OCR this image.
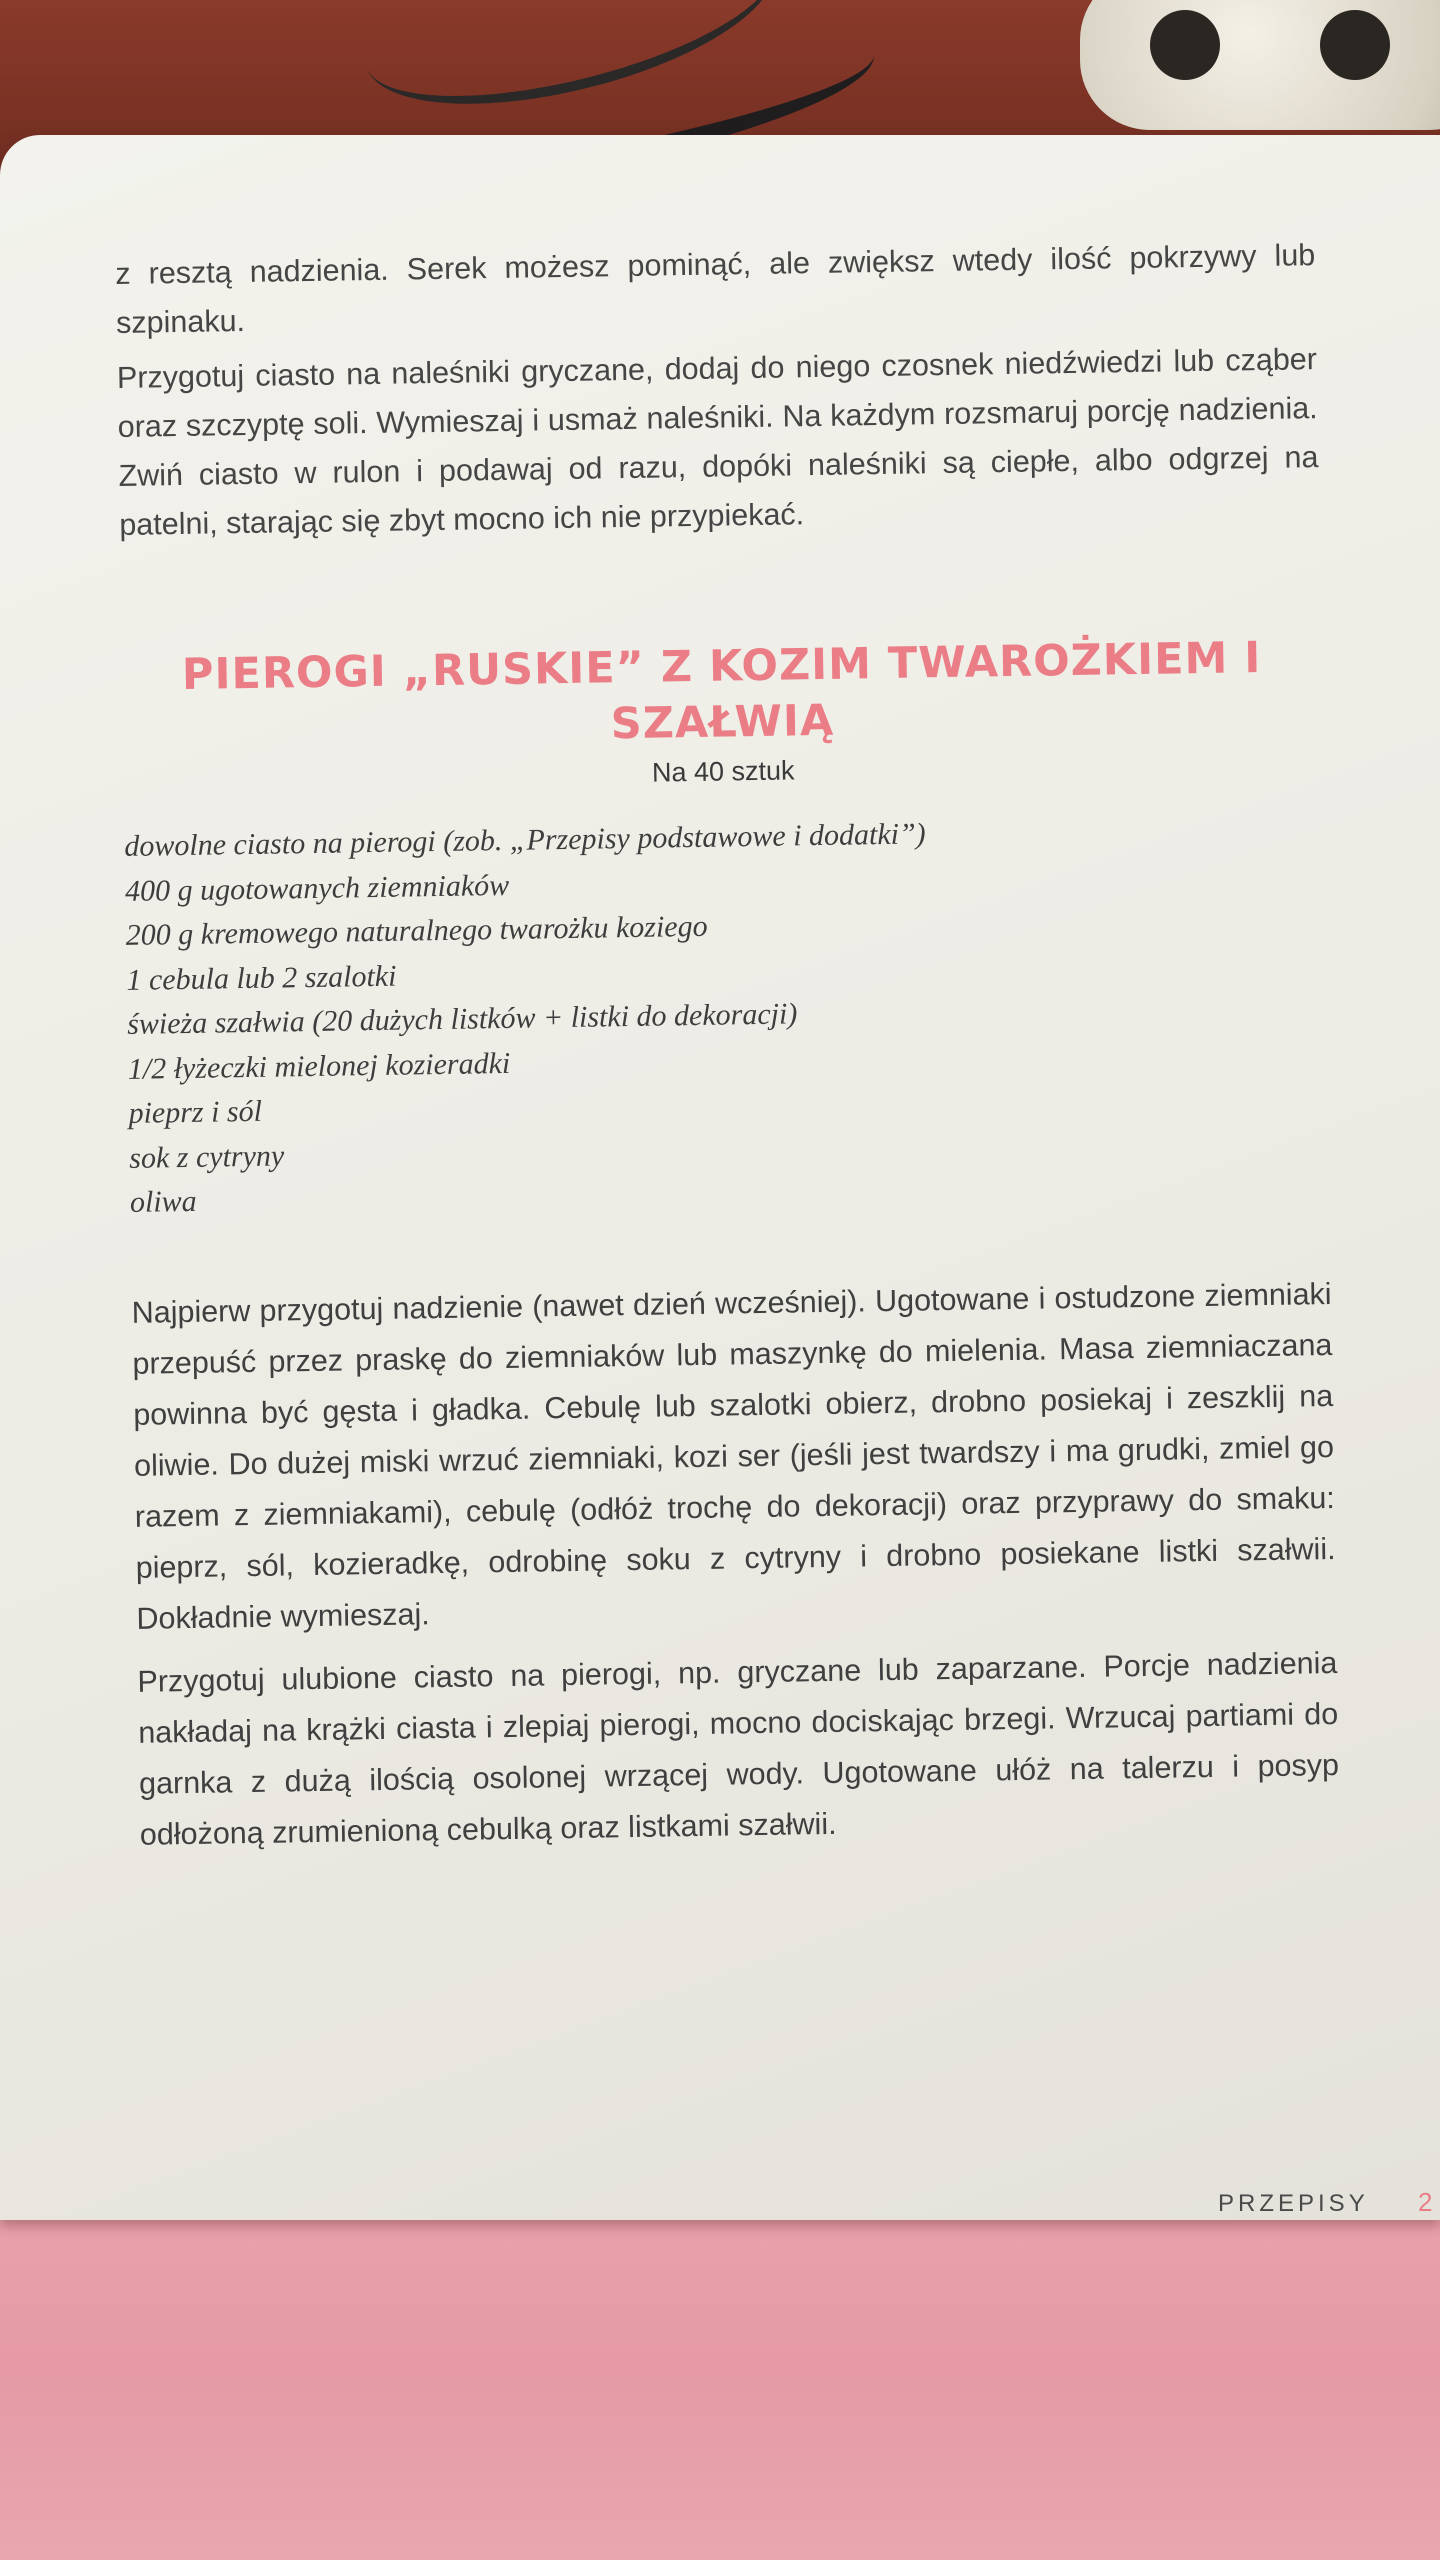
z resztą nadzienia. Serek możesz pominąć, ale zwiększ wtedy ilość pokrzywy lub szpinaku.

Przygotuj ciasto na naleśniki gryczane, dodaj do niego czosnek niedźwiedzi lub cząber oraz szczyptę soli. Wymieszaj i usmaż naleśniki. Na każdym rozsmaruj porcję nadzienia. Zwiń ciasto w rulon i podawaj od razu, dopóki naleśniki są ciepłe, albo odgrzej na patelni, starając się zbyt mocno ich nie przypiekać.

PIEROGI „RUSKIE” Z KOZIM TWAROŻKIEM I SZAŁWIĄ
Na 40 sztuk
dowolne ciasto na pierogi (zob. „Przepisy podstawowe i dodatki”)
400 g ugotowanych ziemniaków
200 g kremowego naturalnego twarożku koziego
1 cebula lub 2 szalotki
świeża szałwia (20 dużych listków + listki do dekoracji)
1/2 łyżeczki mielonej kozieradki
pieprz i sól
sok z cytryny
oliwa

Najpierw przygotuj nadzienie (nawet dzień wcześniej). Ugotowane i ostudzone ziemniaki przepuść przez praskę do ziemniaków lub maszynkę do mielenia. Masa ziemniaczana powinna być gęsta i gładka. Cebulę lub szalotki obierz, drobno posiekaj i zeszklij na oliwie. Do dużej miski wrzuć ziemniaki, kozi ser (jeśli jest twardszy i ma grudki, zmiel go razem z ziemniakami), cebulę (odłóż trochę do dekoracji) oraz przyprawy do smaku: pieprz, sól, kozieradkę, odrobinę soku z cytryny i drobno posiekane listki szałwii. Dokładnie wymieszaj.

Przygotuj ulubione ciasto na pierogi, np. gryczane lub zaparzane. Porcje nadzienia nakładaj na krążki ciasta i zlepiaj pierogi, mocno dociskając brzegi. Wrzucaj partiami do garnka z dużą ilością osolonej wrzącej wody. Ugotowane ułóż na talerzu i posyp odłożoną zrumienioną cebulką oraz listkami szałwii.

PRZEPISY 2
